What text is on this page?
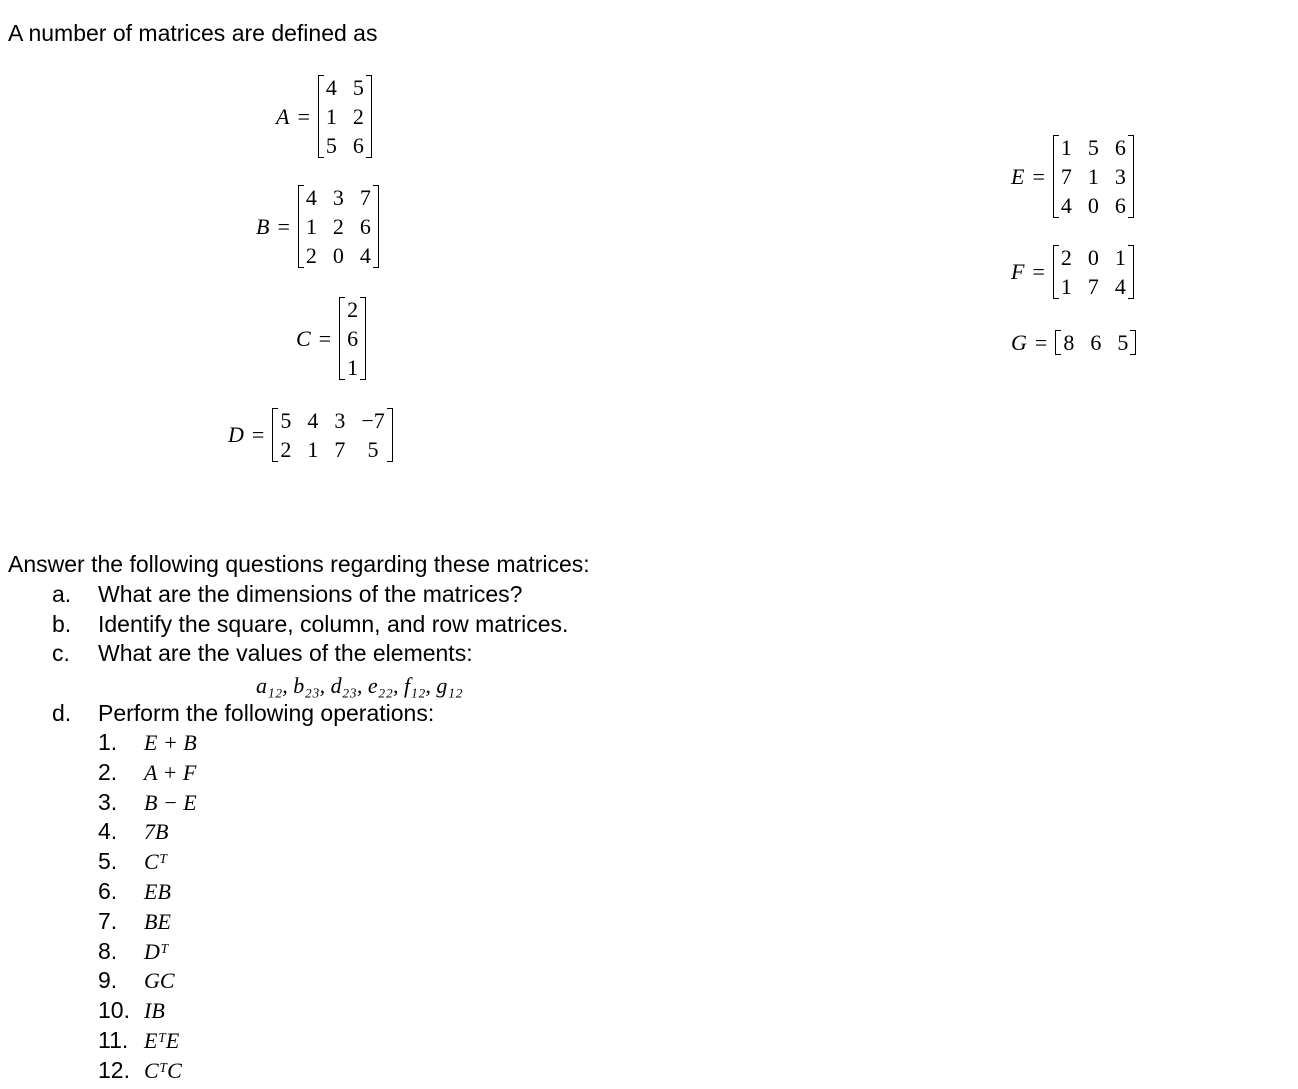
A number of matrices are defined as
A =
4	5
1	2
5	6
B =
4	3	7
1	2	6
2	0	4
C =
2
6
1
D =
5	4	3	−7
2	1	7	5
E =
1	5	6
7	1	3
4	0	6
F =
2	0	1
1	7	4
G = 8	6	5
Answer the following questions regarding these matrices:
a. What are the dimensions of the matrices?
b. Identify the square, column, and row matrices.
c. What are the values of the elements:
d. Perform the following operations:
a₁₂, b₂₃, d₂₃, e₂₂, f₁₂, g₁₂
1. E + B
2. A + F
3. B − E
4. 7B
5. Cᵀ
6. EB
7. BE
8. Dᵀ
9. GC
10. IB
11. EᵀE
12. CᵀC
